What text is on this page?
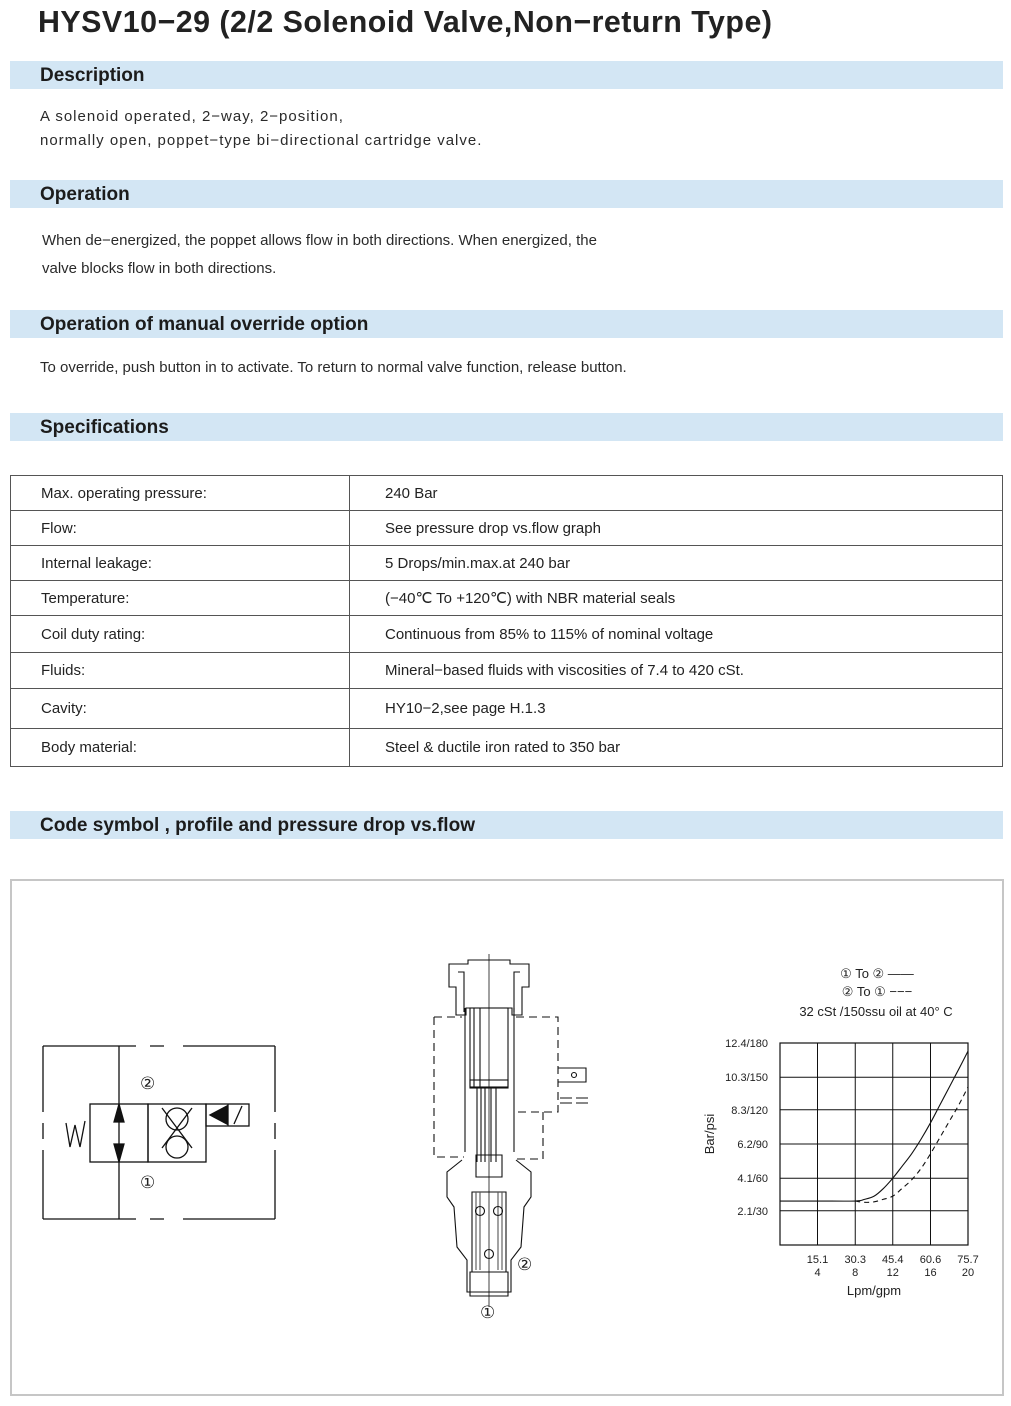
HYSV10−29 (2/2 Solenoid Valve,Non−return Type)
Description
A solenoid operated, 2−way, 2−position,
normally open, poppet−type bi−directional cartridge valve.
Operation
When de−energized, the poppet allows flow in both directions. When energized, the
valve blocks flow in both directions.
Operation of manual override option
To override, push button in to activate. To return to normal valve function, release button.
Specifications
Max. operating pressure:	240 Bar
Flow:	See pressure drop vs.flow graph
Internal leakage:	5 Drops/min.max.at 240 bar
Temperature:	(−40℃ To +120℃) with NBR material seals
Coil duty rating:	Continuous from 85% to 115% of nominal voltage
Fluids:	Mineral−based fluids with viscosities of 7.4 to 420 cSt.
Cavity:	HY10−2,see page H.1.3
Body material:	Steel & ductile iron rated to 350 bar
Code symbol , profile and pressure drop vs.flow
②
①
②
①
15.1
4
30.3
8
45.4
12
60.6
16
75.7
20
2.1/30
4.1/60
6.2/90
8.3/120
10.3/150
12.4/180
Lpm/gpm
Bar/psi
① To ② ——
② To ① −−−
32 cSt /150ssu oil at 40° C
